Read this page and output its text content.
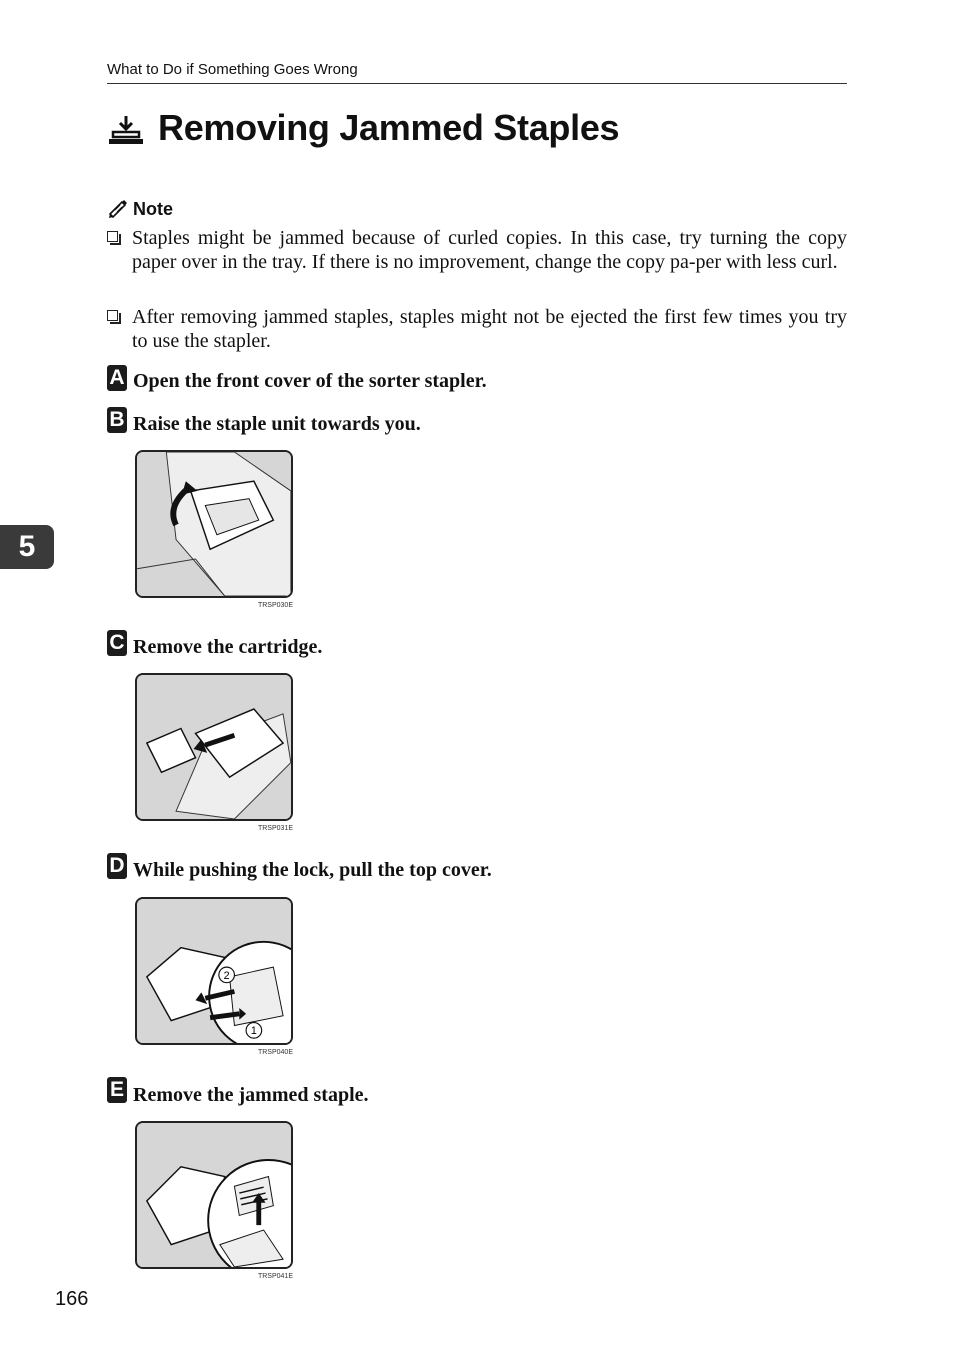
What to Do if Something Goes Wrong
Removing Jammed Staples
Note
Staples might be jammed because of curled copies. In this case, try turning the copy paper over in the tray. If there is no improvement, change the copy pa-per with less curl.
After removing jammed staples, staples might not be ejected the first few times you try to use the stapler.
A Open the front cover of the sorter stapler.
B Raise the staple unit towards you.
TRSP030E
C Remove the cartridge.
TRSP031E
D While pushing the lock, pull the top cover.
2
1
TRSP040E
E Remove the jammed staple.
TRSP041E
5
166
